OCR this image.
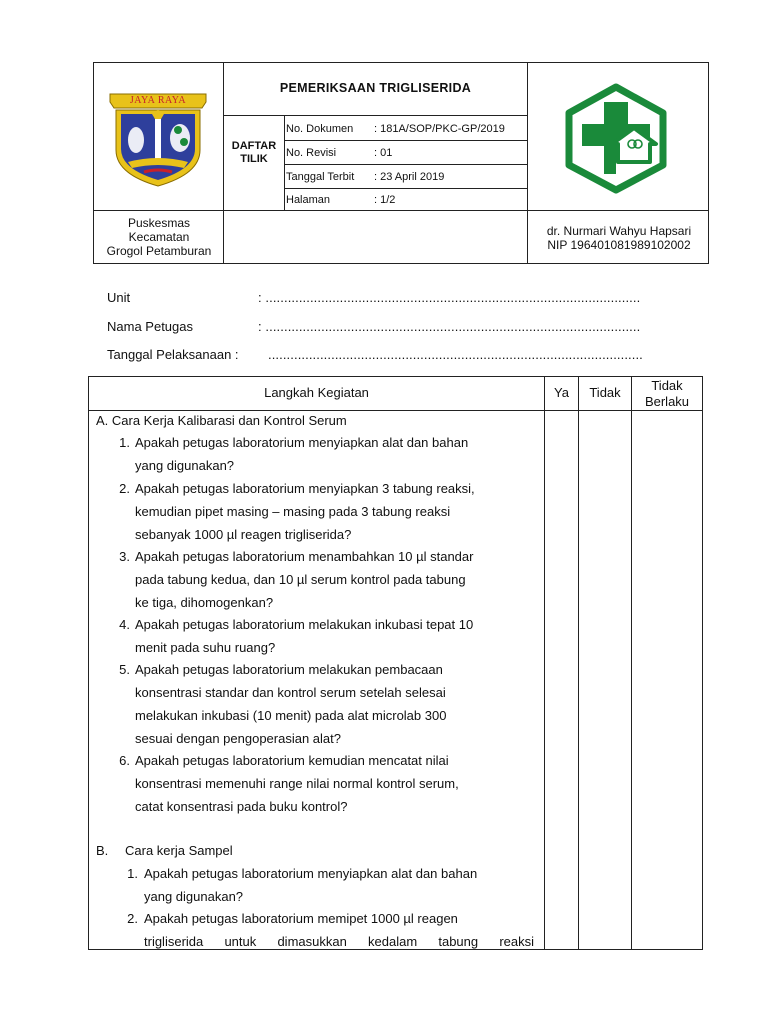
JAYA RAYA
PEMERIKSAAN TRIGLISERIDA
DAFTAR
TILIK
No. Dokumen : 181A/SOP/PKC-GP/2019
No. Revisi	: 01
Tanggal Terbit : 23 April 2019
Halaman	: 1/2
Puskesmas
Kecamatan
Grogol Petamburan
dr. Nurmari Wahyu Hapsari
NIP 196401081989102002
Unit	: .....................................................................................................
Nama Petugas	: .....................................................................................................
Tanggal Pelaksanaan : .....................................................................................................
Langkah Kegiatan	Ya	Tidak	Tidak
Berlaku
A. Cara Kerja Kalibarasi dan Kontrol Serum
1. Apakah petugas laboratorium menyiapkan alat dan bahan
yang digunakan?
2. Apakah petugas laboratorium menyiapkan 3 tabung reaksi,
kemudian pipet masing – masing pada 3 tabung reaksi
sebanyak 1000 µl reagen trigliserida?
3. Apakah petugas laboratorium menambahkan 10 µl standar
pada tabung kedua, dan 10 µl serum kontrol pada tabung
ke tiga, dihomogenkan?
4. Apakah petugas laboratorium melakukan inkubasi tepat 10
menit pada suhu ruang?
5. Apakah petugas laboratorium melakukan pembacaan
konsentrasi standar dan kontrol serum setelah selesai
melakukan inkubasi (10 menit) pada alat microlab 300
sesuai dengan pengoperasian alat?
6. Apakah petugas laboratorium kemudian mencatat nilai
konsentrasi memenuhi range nilai normal kontrol serum,
catat konsentrasi pada buku kontrol?
B. Cara kerja Sampel
1. Apakah petugas laboratorium menyiapkan alat dan bahan
yang digunakan?
2. Apakah petugas laboratorium memipet 1000 µl reagen
trigliserida untuk dimasukkan kedalam tabung reaksi
